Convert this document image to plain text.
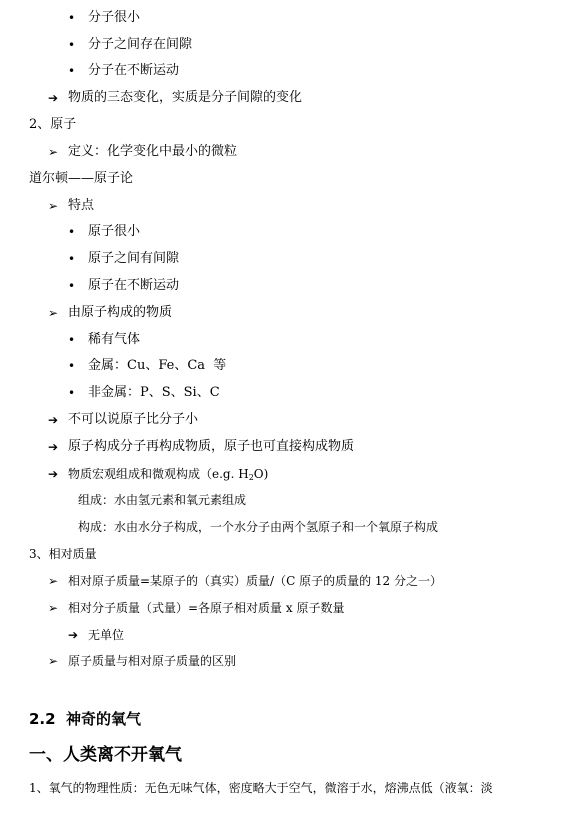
• 分子很小
• 分子之间存在间隙
• 分子在不断运动
➔ 物质的三态变化，实质是分子间隙的变化
2、原子
➢ 定义：化学变化中最小的微粒
道尔顿——原子论
➢ 特点
• 原子很小
• 原子之间有间隙
• 原子在不断运动
➢ 由原子构成的物质
• 稀有气体
• 金属：Cu、Fe、Ca  等
• 非金属：P、S、Si、C
➔ 不可以说原子比分子小
➔ 原子构成分子再构成物质，原子也可直接构成物质
➔ 物质宏观组成和微观构成（e.g. $H_2O$)
组成：水由氢元素和氧元素组成
构成：水由水分子构成，一个水分子由两个氢原子和一个氧原子构成
3、相对质量
➢ 相对原子质量=某原子的（真实）质量/（C 原子的质量的 12 分之一）
➢ 相对分子质量（式量）=各原子相对质量 x 原子数量
➔ 无单位
➢ 原子质量与相对原子质量的区别
2.2  神奇的氧气
一、人类离不开氧气
1、氧气的物理性质：无色无味气体，密度略大于空气，微溶于水，熔沸点低（液氧：淡
